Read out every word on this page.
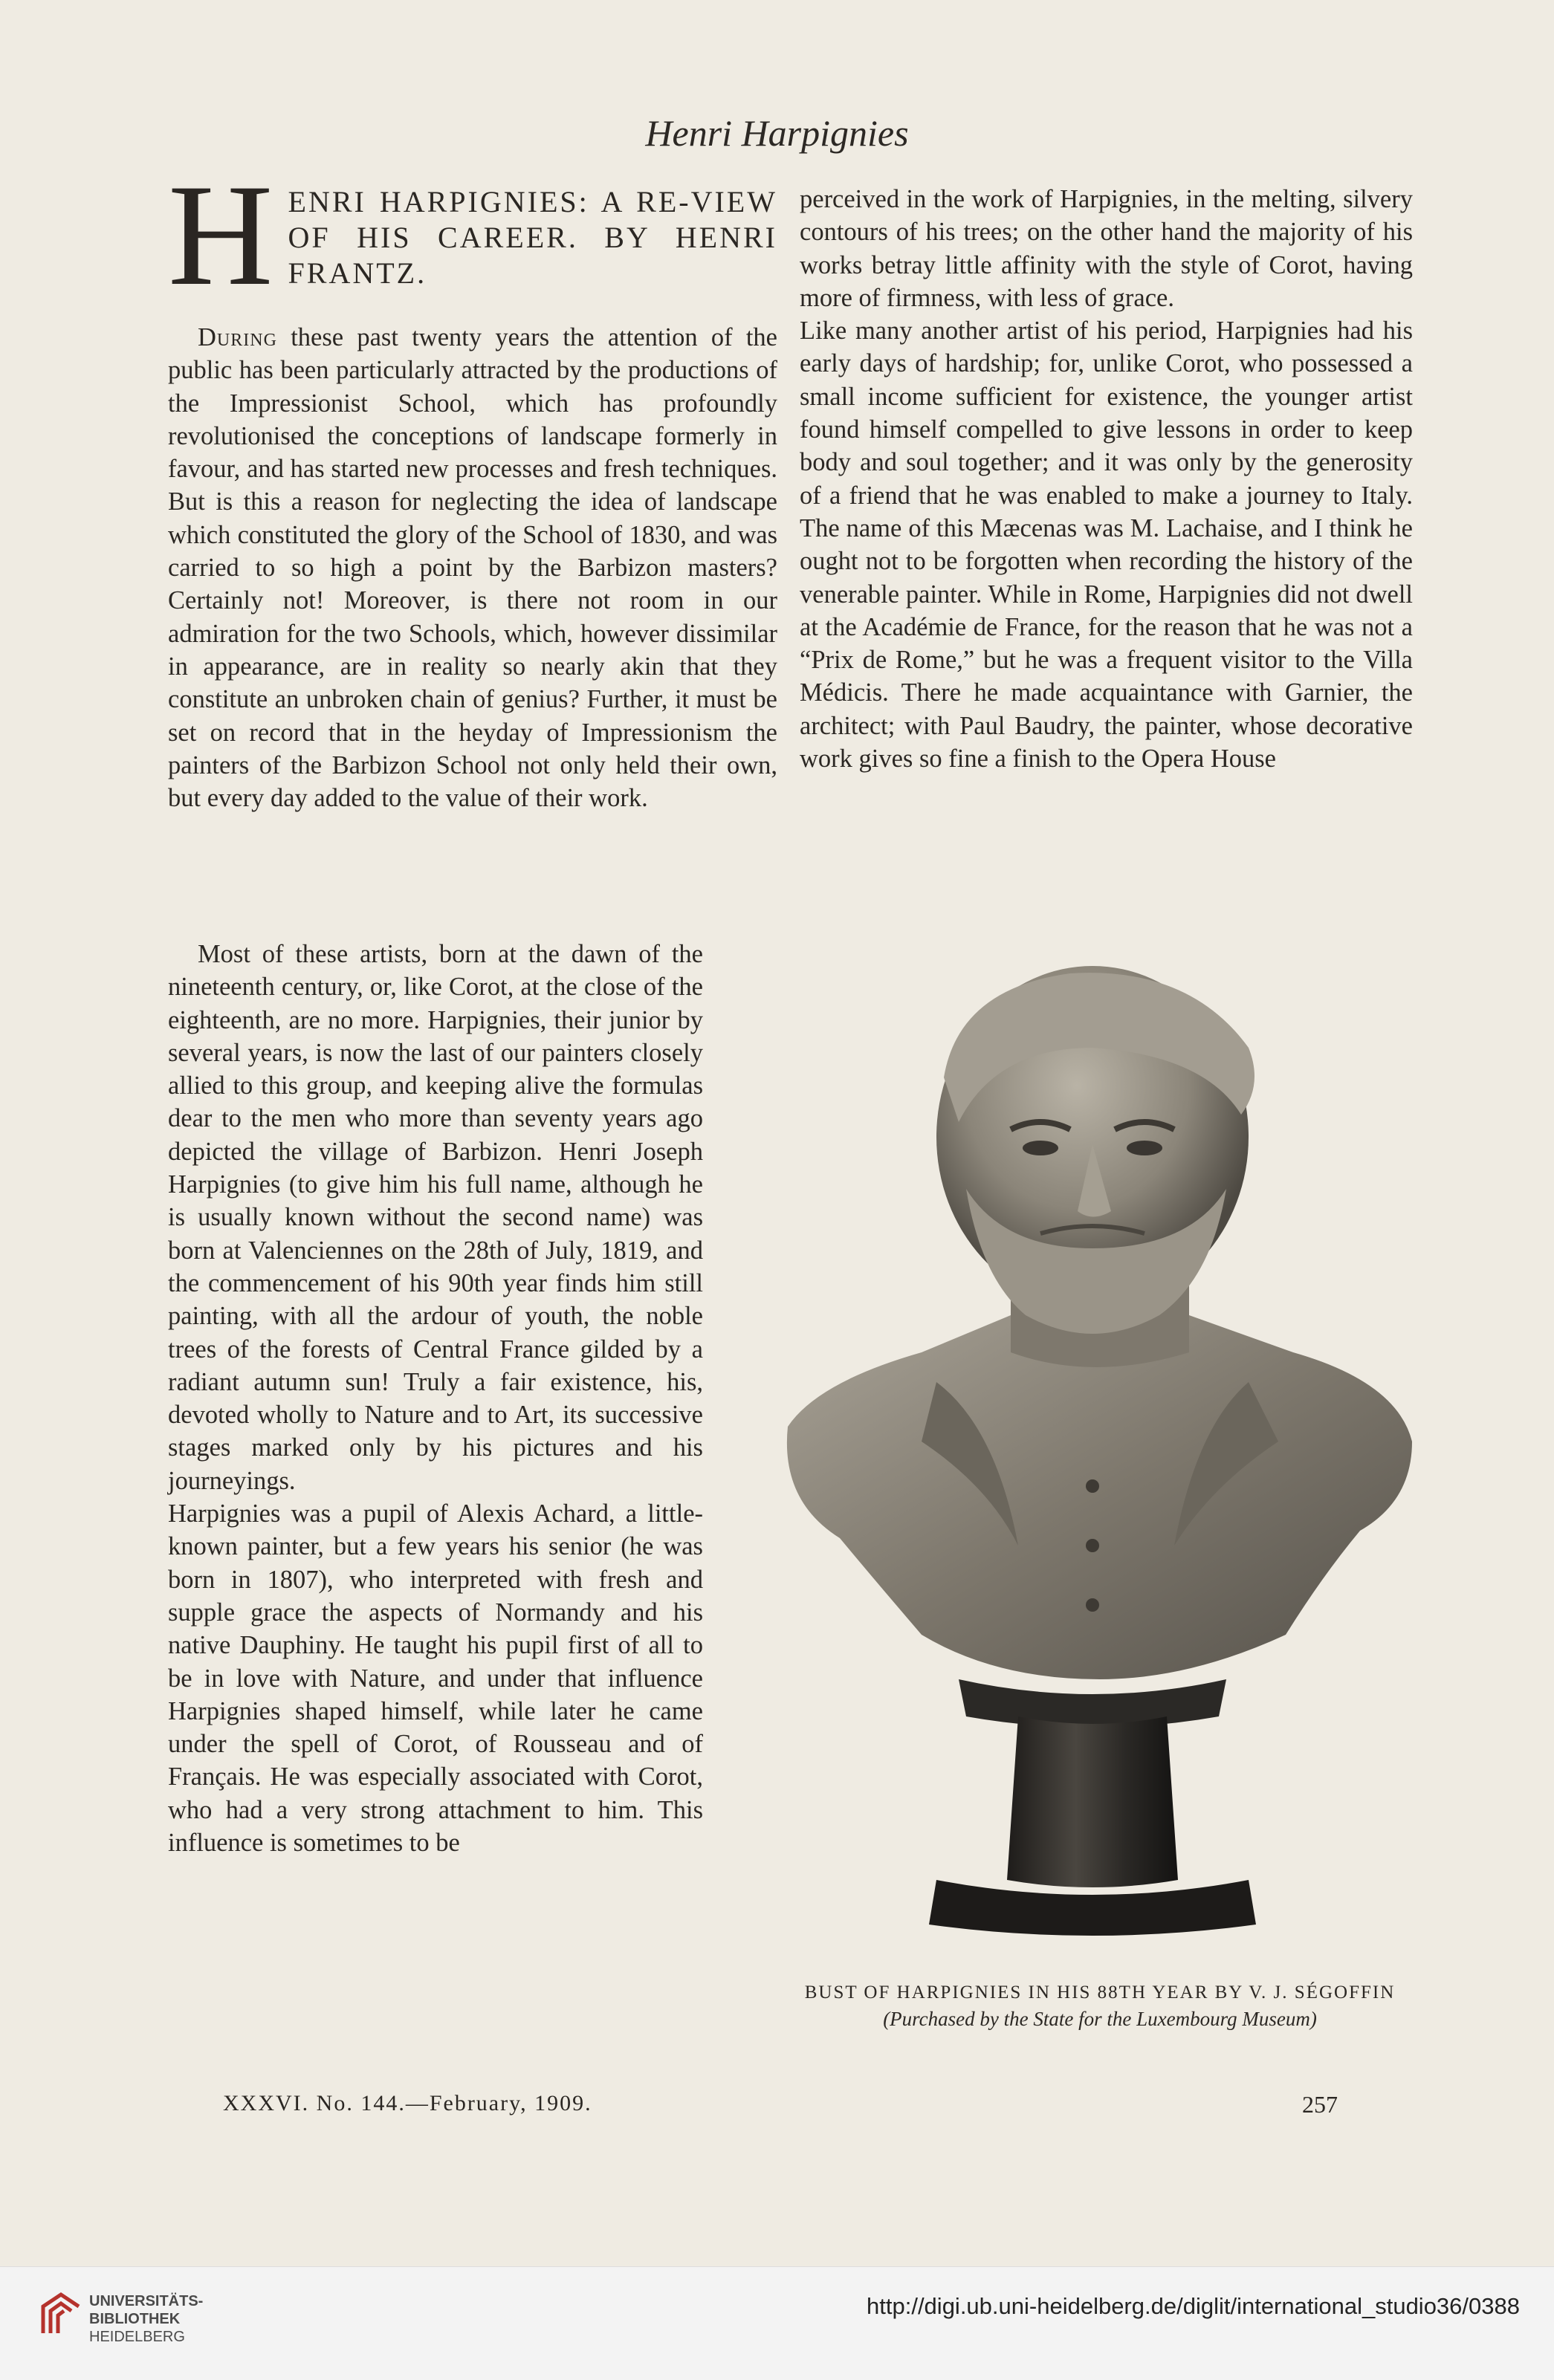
Henri Harpignies
H ENRI HARPIGNIES: A RE-VIEW OF HIS CAREER. BY HENRI FRANTZ.

During these past twenty years the attention of the public has been particularly attracted by the productions of the Impressionist School, which has profoundly revolutionised the conceptions of landscape formerly in favour, and has started new processes and fresh techniques. But is this a reason for neglecting the idea of landscape which constituted the glory of the School of 1830, and was carried to so high a point by the Barbizon masters? Certainly not! Moreover, is there not room in our admiration for the two Schools, which, however dissimilar in appearance, are in reality so nearly akin that they constitute an unbroken chain of genius? Further, it must be set on record that in the heyday of Impressionism the painters of the Barbizon School not only held their own, but every day added to the value of their work.

Most of these artists, born at the dawn of the nineteenth century, or, like Corot, at the close of the eighteenth, are no more. Harpignies, their junior by several years, is now the last of our painters closely allied to this group, and keeping alive the formulas dear to the men who more than seventy years ago depicted the village of Barbizon. Henri Joseph Harpignies (to give him his full name, although he is usually known without the second name) was born at Valenciennes on the 28th of July, 1819, and the commencement of his 90th year finds him still painting, with all the ardour of youth, the noble trees of the forests of Central France gilded by a radiant autumn sun! Truly a fair existence, his, devoted wholly to Nature and to Art, its successive stages marked only by his pictures and his journeyings.

Harpignies was a pupil of Alexis Achard, a little-known painter, but a few years his senior (he was born in 1807), who interpreted with fresh and supple grace the aspects of Normandy and his native Dauphiny. He taught his pupil first of all to be in love with Nature, and under that influence Harpignies shaped himself, while later he came under the spell of Corot, of Rousseau and of Français. He was especially associated with Corot, who had a very strong attachment to him. This influence is sometimes to be

perceived in the work of Harpignies, in the melting, silvery contours of his trees; on the other hand the majority of his works betray little affinity with the style of Corot, having more of firmness, with less of grace.

Like many another artist of his period, Harpignies had his early days of hardship; for, unlike Corot, who possessed a small income sufficient for existence, the younger artist found himself compelled to give lessons in order to keep body and soul together; and it was only by the generosity of a friend that he was enabled to make a journey to Italy. The name of this Mæcenas was M. Lachaise, and I think he ought not to be forgotten when recording the history of the venerable painter. While in Rome, Harpignies did not dwell at the Académie de France, for the reason that he was not a “Prix de Rome,” but he was a frequent visitor to the Villa Médicis. There he made acquaintance with Garnier, the architect; with Paul Baudry, the painter, whose decorative work gives so fine a finish to the Opera House

BUST OF HARPIGNIES IN HIS 88TH YEAR BY V. J. SÉGOFFIN
(Purchased by the State for the Luxembourg Museum)
XXXVI. No. 144.—February, 1909.	257
UNIVERSITÄTS-
BIBLIOTHEK
HEIDELBERG
http://digi.ub.uni-heidelberg.de/diglit/international_studio36/0388
